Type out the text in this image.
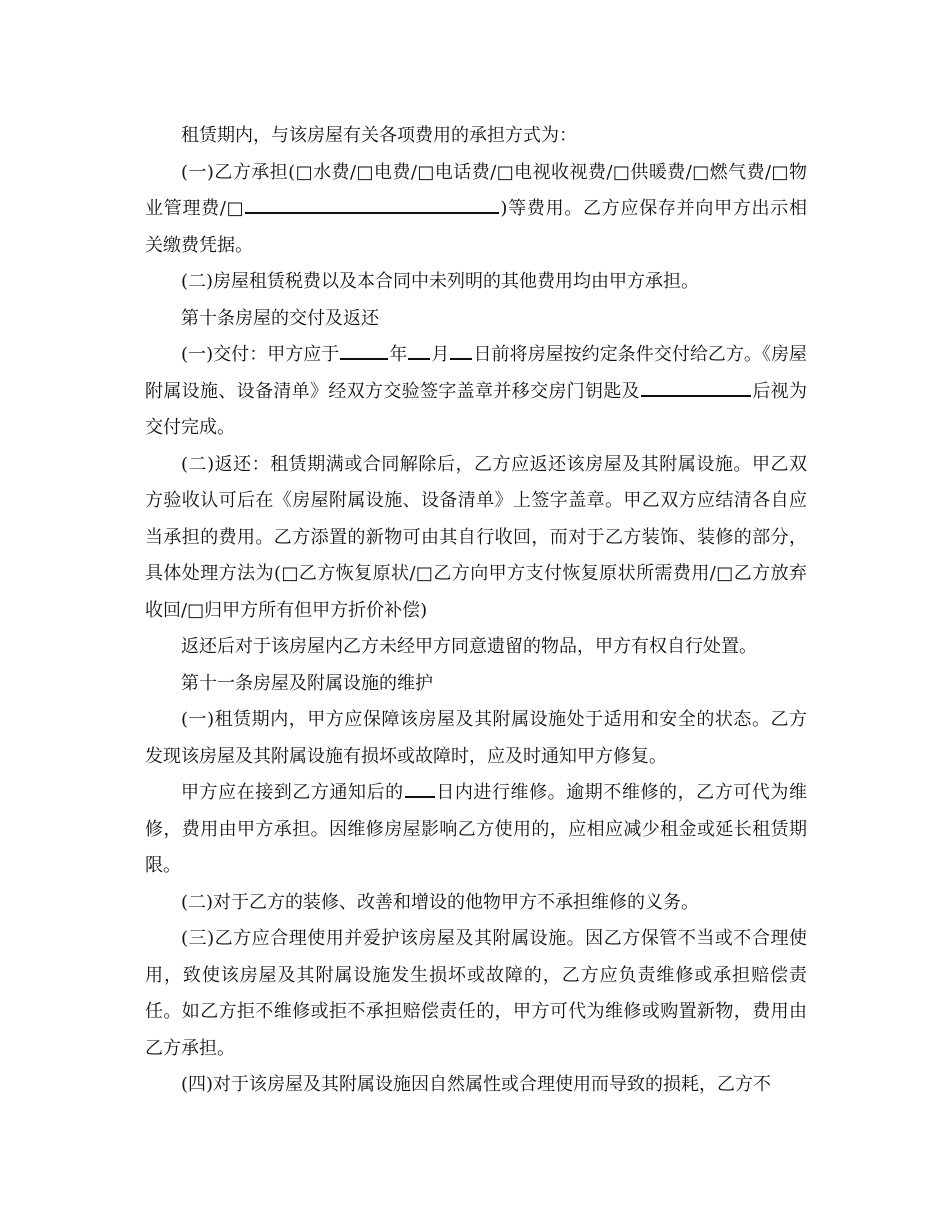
租赁期内，与该房屋有关各项费用的承担方式为：

(一)乙方承担(□水费/□电费/□电话费/□电视收视费/□供暖费/□燃气费/□物业管理费/□	)等费用。乙方应保存并向甲方出示相关缴费凭据。

(二)房屋租赁税费以及本合同中未列明的其他费用均由甲方承担。

第十条房屋的交付及返还

(一)交付：甲方应于	年 月 日前将房屋按约定条件交付给乙方。《房屋附属设施、设备清单》经双方交验签字盖章并移交房门钥匙及	后视为交付完成。

(二)返还：租赁期满或合同解除后，乙方应返还该房屋及其附属设施。甲乙双方验收认可后在《房屋附属设施、设备清单》上签字盖章。甲乙双方应结清各自应当承担的费用。乙方添置的新物可由其自行收回，而对于乙方装饰、装修的部分，具体处理方法为(□乙方恢复原状/□乙方向甲方支付恢复原状所需费用/□乙方放弃收回/□归甲方所有但甲方折价补偿)

返还后对于该房屋内乙方未经甲方同意遗留的物品，甲方有权自行处置。

第十一条房屋及附属设施的维护

(一)租赁期内，甲方应保障该房屋及其附属设施处于适用和安全的状态。乙方发现该房屋及其附属设施有损坏或故障时，应及时通知甲方修复。

甲方应在接到乙方通知后的 日内进行维修。逾期不维修的，乙方可代为维修，费用由甲方承担。因维修房屋影响乙方使用的，应相应减少租金或延长租赁期限。

(二)对于乙方的装修、改善和增设的他物甲方不承担维修的义务。

(三)乙方应合理使用并爱护该房屋及其附属设施。因乙方保管不当或不合理使用，致使该房屋及其附属设施发生损坏或故障的，乙方应负责维修或承担赔偿责任。如乙方拒不维修或拒不承担赔偿责任的，甲方可代为维修或购置新物，费用由乙方承担。

(四)对于该房屋及其附属设施因自然属性或合理使用而导致的损耗，乙方不
